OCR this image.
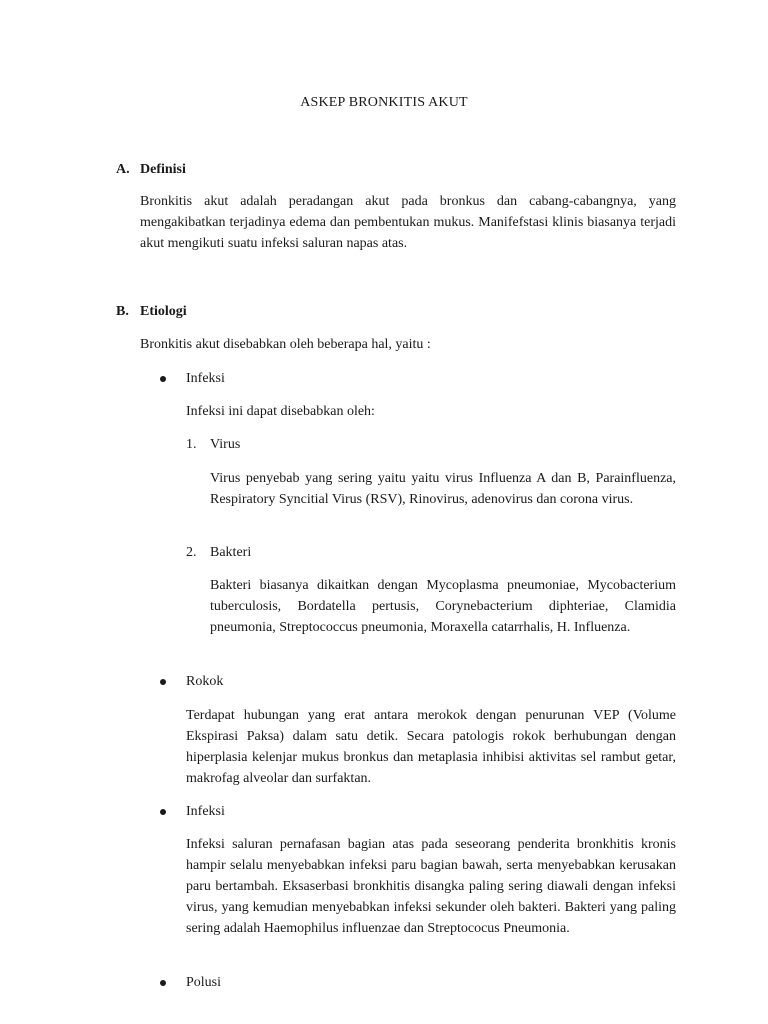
ASKEP BRONKITIS AKUT
A. Definisi
Bronkitis akut adalah peradangan akut pada bronkus dan cabang-cabangnya, yang mengakibatkan terjadinya edema dan pembentukan mukus. Manifefstasi klinis biasanya terjadi akut mengikuti suatu infeksi saluran napas atas.
B. Etiologi
Bronkitis akut disebabkan oleh beberapa hal, yaitu :
Infeksi
Infeksi ini dapat disebabkan oleh:
1. Virus
Virus penyebab yang sering yaitu yaitu virus Influenza A dan B, Parainfluenza, Respiratory Syncitial Virus (RSV), Rinovirus, adenovirus dan corona virus.
2. Bakteri
Bakteri biasanya dikaitkan dengan Mycoplasma pneumoniae, Mycobacterium tuberculosis, Bordatella pertusis, Corynebacterium diphteriae, Clamidia pneumonia, Streptococcus pneumonia, Moraxella catarrhalis, H. Influenza.
Rokok
Terdapat hubungan yang erat antara merokok dengan penurunan VEP (Volume Ekspirasi Paksa) dalam satu detik. Secara patologis rokok berhubungan dengan hiperplasia kelenjar mukus bronkus dan metaplasia inhibisi aktivitas sel rambut getar, makrofag alveolar dan surfaktan.
Infeksi
Infeksi saluran pernafasan bagian atas pada seseorang penderita bronkhitis kronis hampir selalu menyebabkan infeksi paru bagian bawah, serta menyebabkan kerusakan paru bertambah. Eksaserbasi bronkhitis disangka paling sering diawali dengan infeksi virus, yang kemudian menyebabkan infeksi sekunder oleh bakteri. Bakteri yang paling sering adalah Haemophilus influenzae dan Streptococus Pneumonia.
Polusi
